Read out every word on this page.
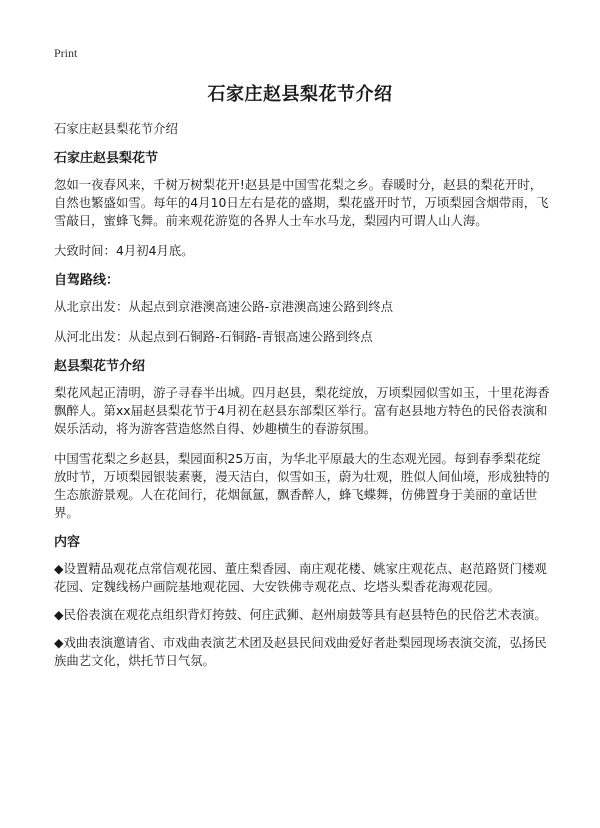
Print
石家庄赵县梨花节介绍
石家庄赵县梨花节介绍
石家庄赵县梨花节
忽如一夜春风来，千树万树梨花开!赵县是中国雪花梨之乡。春暖时分，赵县的梨花开时，自然也繁盛如雪。每年的4月10日左右是花的盛期，梨花盛开时节，万顷梨园含烟带雨，飞雪敲日，蜜蜂飞舞。前来观花游览的各界人士车水马龙，梨园内可谓人山人海。
大致时间：4月初4月底。
自驾路线：
从北京出发：从起点到京港澳高速公路-京港澳高速公路到终点
从河北出发：从起点到石铜路-石铜路-青银高速公路到终点
赵县梨花节介绍
梨花风起正清明，游子寻春半出城。四月赵县，梨花绽放，万顷梨园似雪如玉，十里花海香飘醉人。第xx届赵县梨花节于4月初在赵县东部梨区举行。富有赵县地方特色的民俗表演和娱乐活动，将为游客营造悠然自得、妙趣横生的春游氛围。
中国雪花梨之乡赵县，梨园面积25万亩，为华北平原最大的生态观光园。每到春季梨花绽放时节，万顷梨园银装素裹，漫天洁白，似雪如玉，蔚为壮观，胜似人间仙境，形成独特的生态旅游景观。人在花间行，花烟氤氲，飘香醉人，蜂飞蝶舞，仿佛置身于美丽的童话世界。
内容
◆设置精品观花点常信观花园、董庄梨香园、南庄观花楼、姚家庄观花点、赵范路贤门楼观花园、定魏线杨户画院基地观花园、大安铁佛寺观花点、圪塔头梨香花海观花园。
◆民俗表演在观花点组织背灯挎鼓、何庄武狮、赵州扇鼓等具有赵县特色的民俗艺术表演。
◆戏曲表演邀请省、市戏曲表演艺术团及赵县民间戏曲爱好者赴梨园现场表演交流，弘扬民族曲艺文化，烘托节日气氛。
